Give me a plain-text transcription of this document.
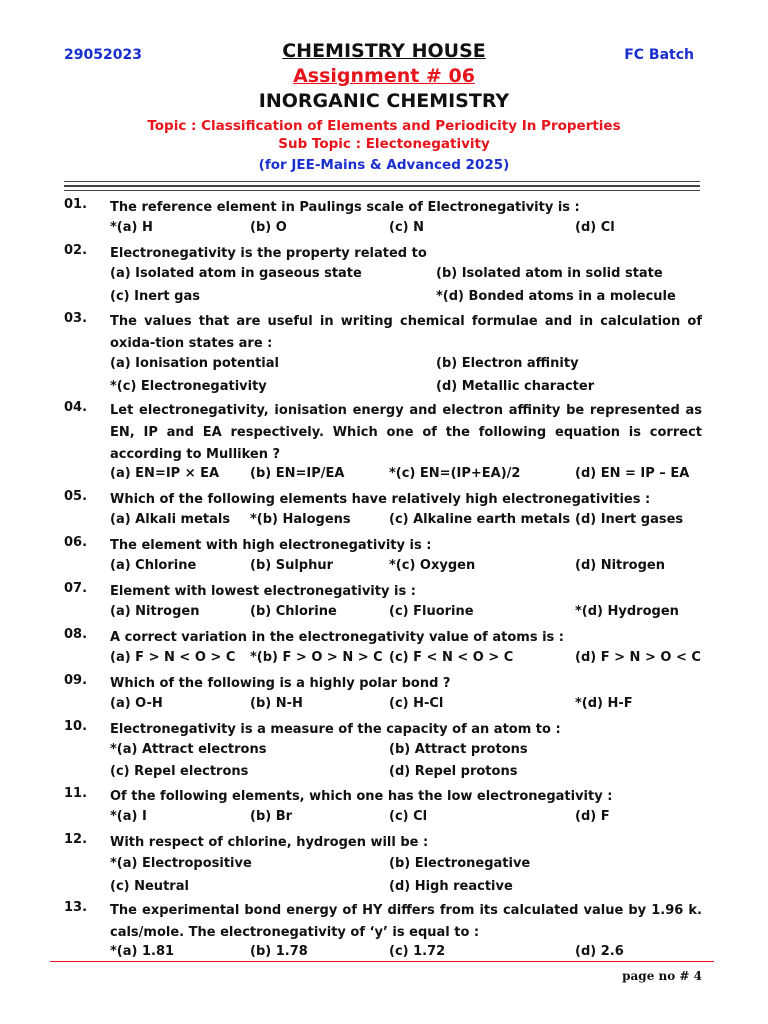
29052023	FC Batch
CHEMISTRY HOUSE
Assignment # 06
INORGANIC CHEMISTRY
Topic : Classification of Elements and Periodicity In Properties
Sub Topic : Electonegativity
(for JEE-Mains & Advanced 2025)
01. The reference element in Paulings scale of Electronegativity is :
*(a) H	(b) O	(c) N	(d) Cl
02. Electronegativity is the property related to
(a) Isolated atom in gaseous state	(b) Isolated atom in solid state
(c) Inert gas	*(d) Bonded atoms in a molecule
03. The values that are useful in writing chemical formulae and in calculation of oxida-tion states are :
(a) Ionisation potential	(b) Electron affinity
*(c) Electronegativity	(d) Metallic character
04. Let electronegativity, ionisation energy and electron affinity be represented as EN, IP and EA respectively. Which one of the following equation is correct according to Mulliken ?
(a) EN=IP × EA (b) EN=IP/EA	*(c) EN=(IP+EA)/2	(d) EN = IP – EA
05. Which of the following elements have relatively high electronegativities :
(a) Alkali metals *(b) Halogens	(c) Alkaline earth metals (d) Inert gases
06. The element with high electronegativity is :
(a) Chlorine	(b) Sulphur	*(c) Oxygen	(d) Nitrogen
07. Element with lowest electronegativity is :
(a) Nitrogen	(b) Chlorine	(c) Fluorine	*(d) Hydrogen
08. A correct variation in the electronegativity value of atoms is :
(a) F > N < O > C *(b) F > O > N > C (c) F < N < O > C	(d) F > N > O < C
09. Which of the following is a highly polar bond ?
(a) O-H	(b) N-H	(c) H-Cl	*(d) H-F
10. Electronegativity is a measure of the capacity of an atom to :
*(a) Attract electrons	(b) Attract protons
(c) Repel electrons	(d) Repel protons
11. Of the following elements, which one has the low electronegativity :
*(a) I	(b) Br	(c) Cl	(d) F
12. With respect of chlorine, hydrogen will be :
*(a) Electropositive	(b) Electronegative
(c) Neutral	(d) High reactive
13. The experimental bond energy of HY differs from its calculated value by 1.96 k. cals/mole. The electronegativity of ‘y’ is equal to :
*(a) 1.81	(b) 1.78	(c) 1.72	(d) 2.6
page no # 4
